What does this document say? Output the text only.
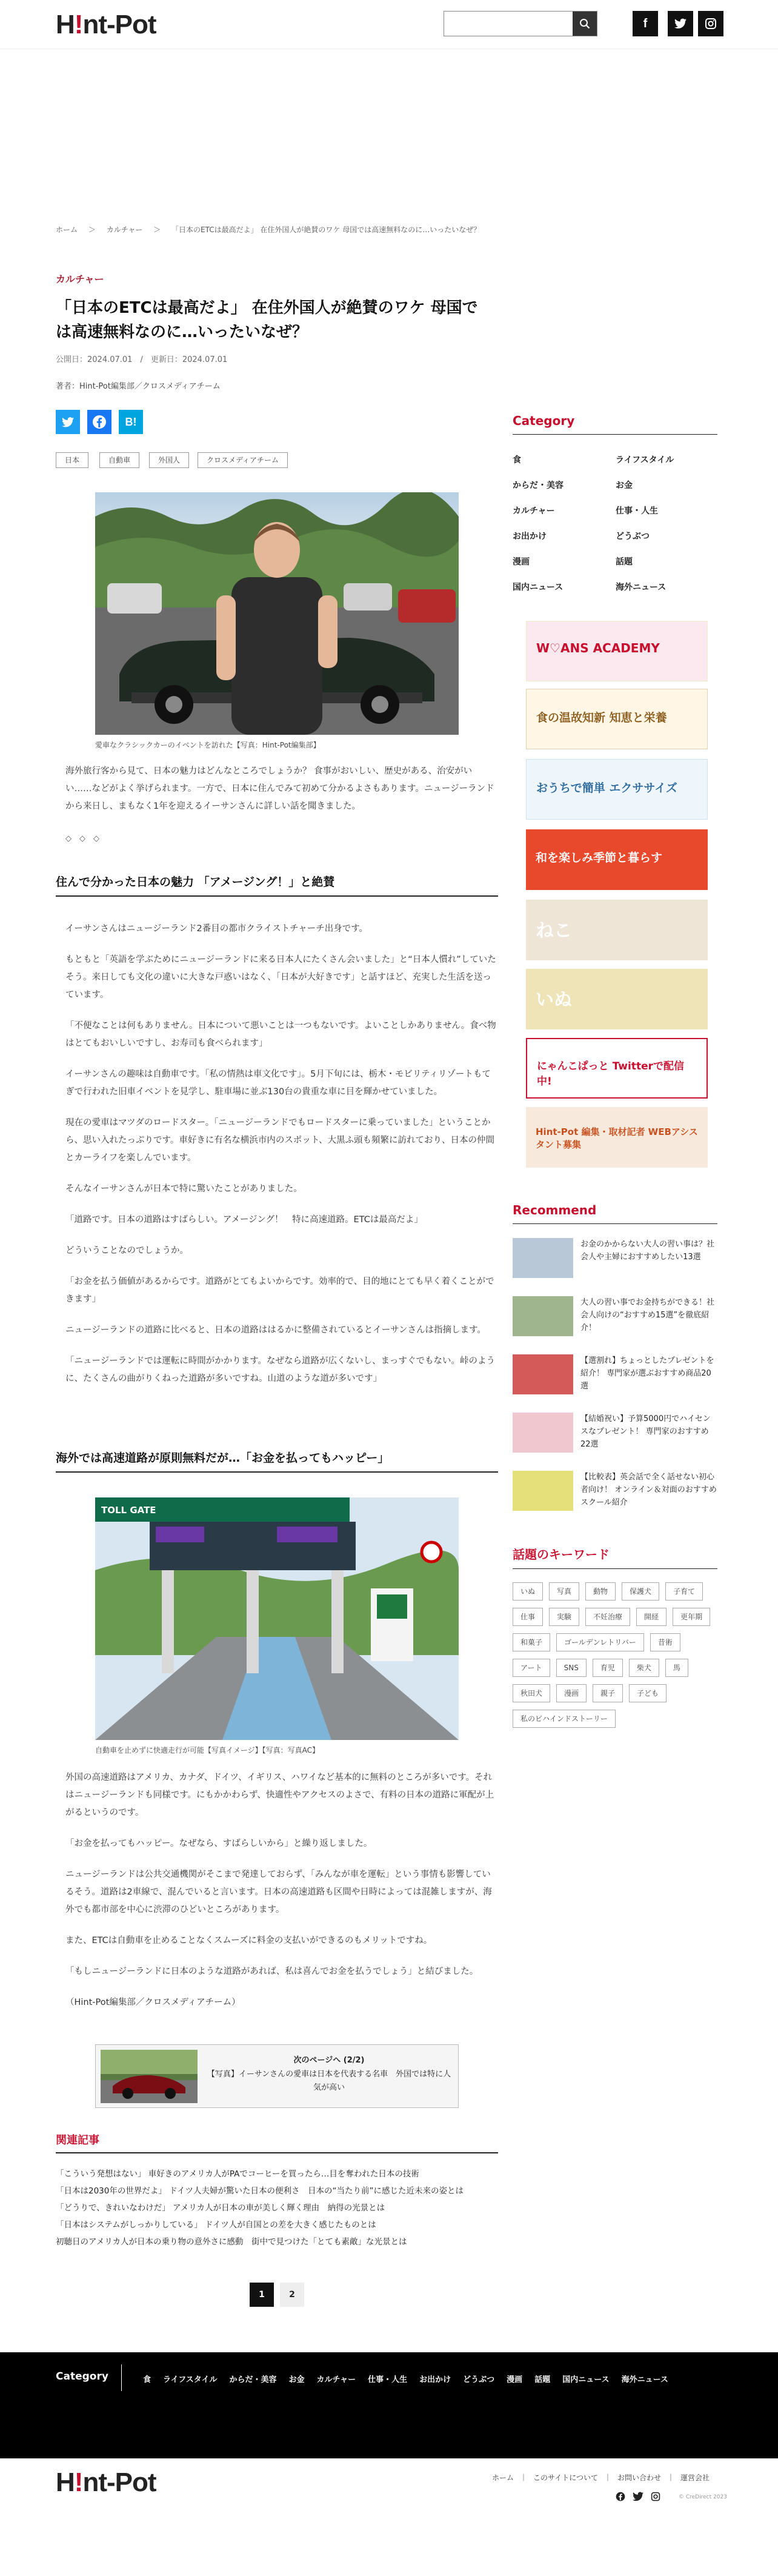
H!nt-Pot	f
ホーム ＞ カルチャー ＞ 「日本のETCは最高だよ」 在住外国人が絶賛のワケ 母国では高速無料なのに…いったいなぜ？
カルチャー
「日本のETCは最高だよ」 在住外国人が絶賛のワケ 母国では高速無料なのに…いったいなぜ？
公開日：2024.07.01　/　更新日：2024.07.01
著者：Hint-Pot編集部／クロスメディアチーム
B!
日本	自動車	外国人	クロスメディアチーム
愛車なクラシックカーのイベントを訪れた【写真：Hint-Pot編集部】
海外旅行客から見て、日本の魅力はどんなところでしょうか？ 食事がおいしい、歴史がある、治安がいい……などがよく挙げられます。一方で、日本に住んでみて初めて分かるよさもあります。ニュージーランドから来日し、まもなく1年を迎えるイーサンさんに詳しい話を聞きました。
◇　◇　◇
住んで分かった日本の魅力 「アメージング！」と絶賛

イーサンさんはニュージーランド2番目の都市クライストチャーチ出身です。

もともと「英語を学ぶためにニュージーランドに来る日本人にたくさん会いました」と“日本人慣れ”していたそう。来日しても文化の違いに大きな戸惑いはなく、「日本が大好きです」と話すほど、充実した生活を送っています。

「不便なことは何もありません。日本について悪いことは一つもないです。よいことしかありません。食べ物はとてもおいしいですし、お寿司も食べられます」

イーサンさんの趣味は自動車です。「私の情熱は車文化です」。5月下旬には、栃木・モビリティリゾートもてぎで行われた旧車イベントを見学し、駐車場に並ぶ130台の貴重な車に目を輝かせていました。

現在の愛車はマツダのロードスター。「ニュージーランドでもロードスターに乗っていました」ということから、思い入れたっぷりです。車好きに有名な横浜市内のスポット、大黒ふ頭も頻繁に訪れており、日本の仲間とカーライフを楽しんでいます。

そんなイーサンさんが日本で特に驚いたことがありました。

「道路です。日本の道路はすばらしい。アメージング！　特に高速道路。ETCは最高だよ」

どういうことなのでしょうか。

「お金を払う価値があるからです。道路がとてもよいからです。効率的で、目的地にとても早く着くことができます」

ニュージーランドの道路に比べると、日本の道路ははるかに整備されているとイーサンさんは指摘します。

「ニュージーランドでは運転に時間がかかります。なぜなら道路が広くないし、まっすぐでもない。峠のように、たくさんの曲がりくねった道路が多いですね。山道のような道が多いです」

海外では高速道路が原則無料だが…「お金を払ってもハッピー」
TOLL GATE
自動車を止めずに快適走行が可能【写真イメージ】【写真：写真AC】

外国の高速道路はアメリカ、カナダ、ドイツ、イギリス、ハワイなど基本的に無料のところが多いです。それはニュージーランドも同様です。にもかかわらず、快適性やアクセスのよさで、有料の日本の道路に軍配が上がるというのです。

「お金を払ってもハッピー。なぜなら、すばらしいから」と繰り返しました。

ニュージーランドは公共交通機関がそこまで発達しておらず、「みんなが車を運転」という事情も影響しているそう。道路は2車線で、混んでいると言います。日本の高速道路も区間や日時によっては混雑しますが、海外でも都市部を中心に渋滞のひどいところがあります。

また、ETCは自動車を止めることなくスムーズに料金の支払いができるのもメリットですね。

「もしニュージーランドに日本のような道路があれば、私は喜んでお金を払うでしょう」と結びました。

（Hint-Pot編集部／クロスメディアチーム）

次のページへ (2/2)
【写真】イーサンさんの愛車は日本を代表する名車　外国では特に人気が高い
関連記事
「こういう発想はない」 車好きのアメリカ人がPAでコーヒーを買ったら…目を奪われた日本の技術
「日本は2030年の世界だよ」 ドイツ人夫婦が驚いた日本の便利さ　日本の“当たり前”に感じた近未来の姿とは
「どうりで、きれいなわけだ」 アメリカ人が日本の車が美しく輝く理由　納得の光景とは
「日本はシステムがしっかりしている」 ドイツ人が自国との差を大きく感じたものとは
初聴日のアメリカ人が日本の乗り物の意外さに感動　街中で見つけた「とても素敵」な光景とは
1	2
Category
食	ライフスタイル
からだ・美容	お金
カルチャー	仕事・人生
お出かけ	どうぶつ
漫画	話題
国内ニュース	海外ニュース
W♡ANS ACADEMY
食の温故知新 知恵と栄養
おうちで簡単 エクササイズ
和を楽しみ季節と暮らす
ねこ
いぬ
にゃんこぱっと Twitterで配信中!
Hint-Pot 編集・取材記者 WEBアシスタント募集
Recommend
お金のかからない大人の習い事は？社会人や主婦におすすめしたい13選
大人の習い事でお金持ちができる！社会人向けの“おすすめ15選”を徹底紹介！
【選割れ】ちょっとしたプレゼントを紹介！ 専門家が選ぶおすすめ商品20選
【結婚祝い】予算5000円でハイセンスなプレゼント！ 専門家のおすすめ22選
【比較表】英会話で全く話せない初心者向け！ オンライン＆対面のおすすめスクール紹介
話題のキーワード
いぬ	写真	動物	保護犬	子育て
仕事	実験	不妊治療	開経	更年期
和菓子	ゴールデンレトリバー	昔術
アート	SNS	育児	柴犬	馬
秋田犬	漫画	親子	子ども
私のビハインドストーリー
Category	食 ライフスタイル からだ・美容 お金 カルチャー 仕事・人生 お出かけ どうぶつ 漫画 話題 国内ニュース 海外ニュース
H!nt-Pot	ホーム ｜ このサイトについて ｜ お問い合わせ ｜ 運営会社
© CreDirect 2023
